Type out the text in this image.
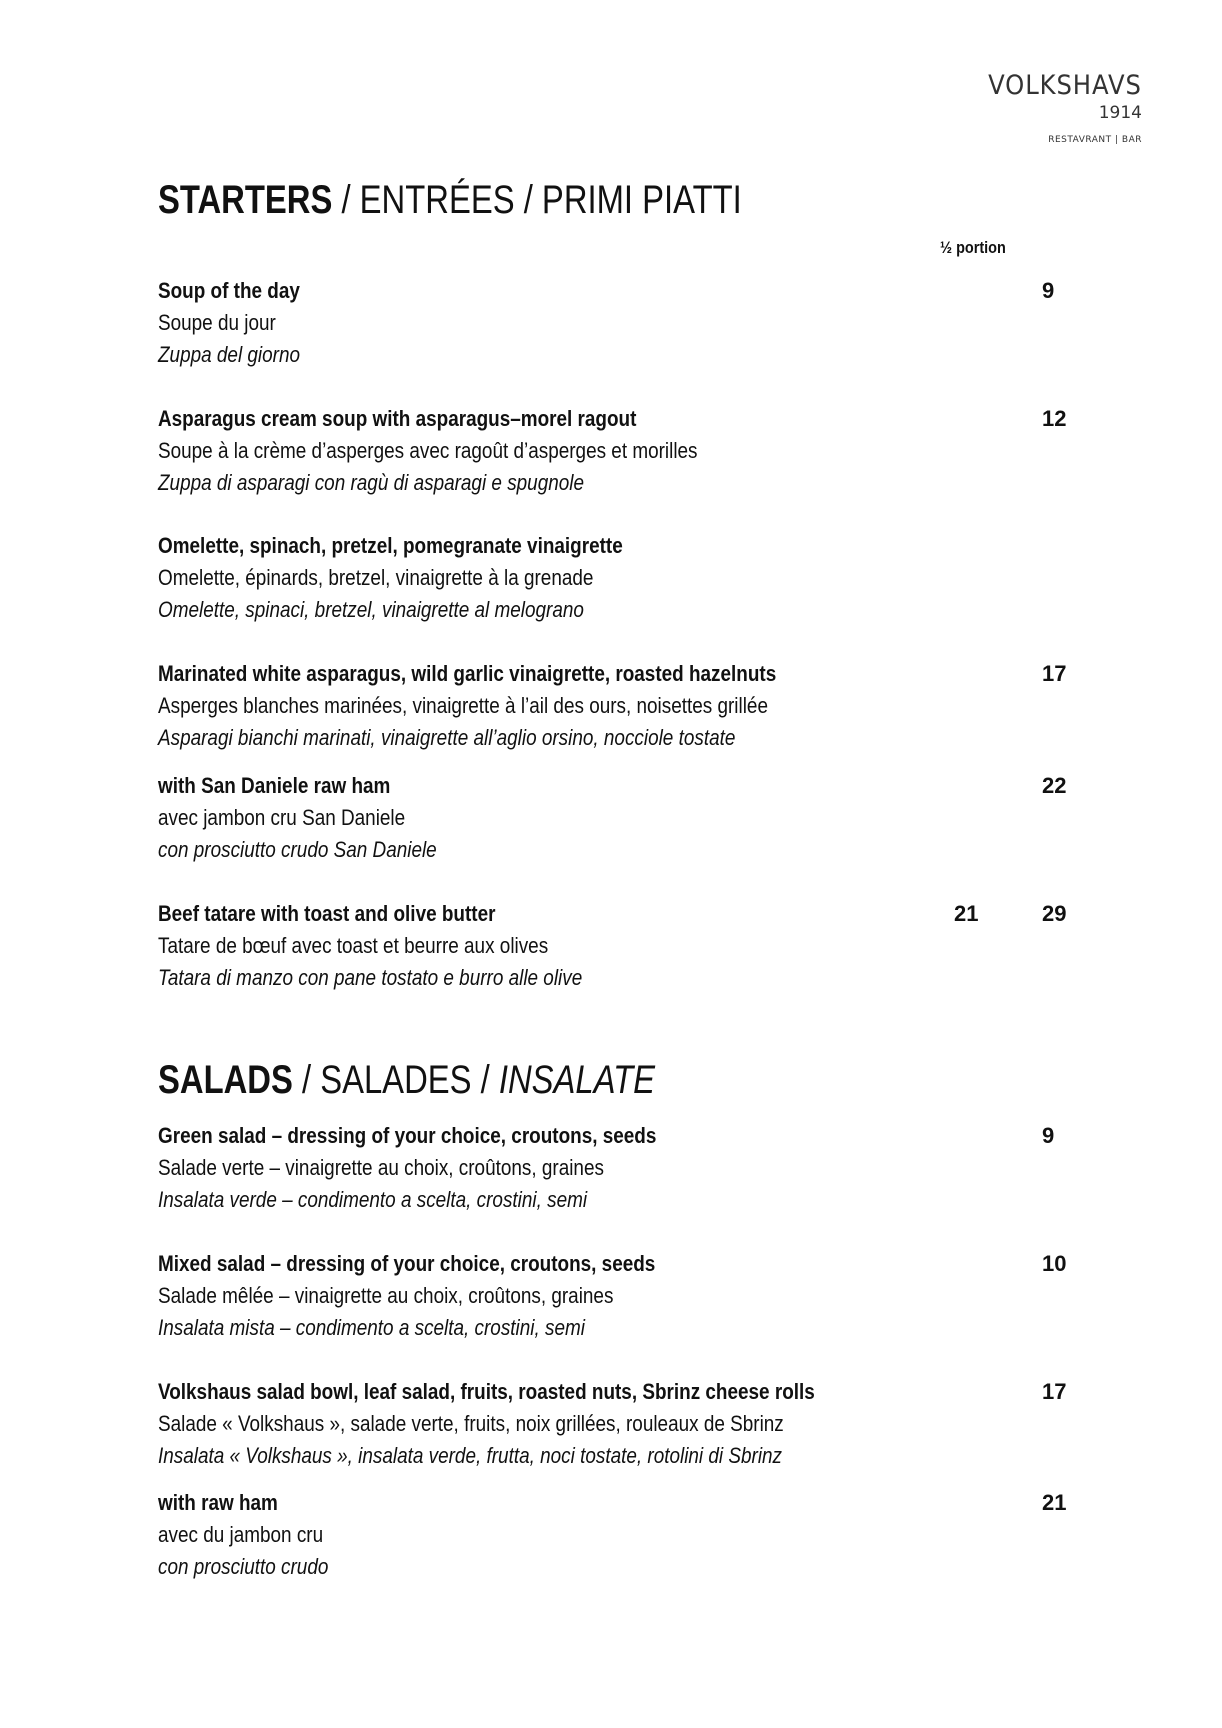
VOLKSHAVS
1914
RESTAVRANT | BAR
STARTERS / ENTRÉES / PRIMI PIATTI
½ portion
Soup of the day
Soupe du jour
Zuppa del giorno
9
Asparagus cream soup with asparagus–morel ragout
Soupe à la crème d’asperges avec ragoût d’asperges et morilles
Zuppa di asparagi con ragù di asparagi e spugnole
12
Omelette, spinach, pretzel, pomegranate vinaigrette
Omelette, épinards, bretzel, vinaigrette à la grenade
Omelette, spinaci, bretzel, vinaigrette al melograno
Marinated white asparagus, wild garlic vinaigrette, roasted hazelnuts
Asperges blanches marinées, vinaigrette à l’ail des ours, noisettes grillée
Asparagi bianchi marinati, vinaigrette all’aglio orsino, nocciole tostate
17
with San Daniele raw ham
avec jambon cru San Daniele
con prosciutto crudo San Daniele
22
Beef tatare with toast and olive butter
Tatare de bœuf avec toast et beurre aux olives
Tatara di manzo con pane tostato e burro alle olive
21	29
SALADS / SALADES / INSALATE
Green salad – dressing of your choice, croutons, seeds
Salade verte – vinaigrette au choix, croûtons, graines
Insalata verde – condimento a scelta, crostini, semi
9
Mixed salad – dressing of your choice, croutons, seeds
Salade mêlée – vinaigrette au choix, croûtons, graines
Insalata mista – condimento a scelta, crostini, semi
10
Volkshaus salad bowl, leaf salad, fruits, roasted nuts, Sbrinz cheese rolls
Salade « Volkshaus », salade verte, fruits, noix grillées, rouleaux de Sbrinz
Insalata « Volkshaus », insalata verde, frutta, noci tostate, rotolini di Sbrinz
17
with raw ham
avec du jambon cru
con prosciutto crudo
21
